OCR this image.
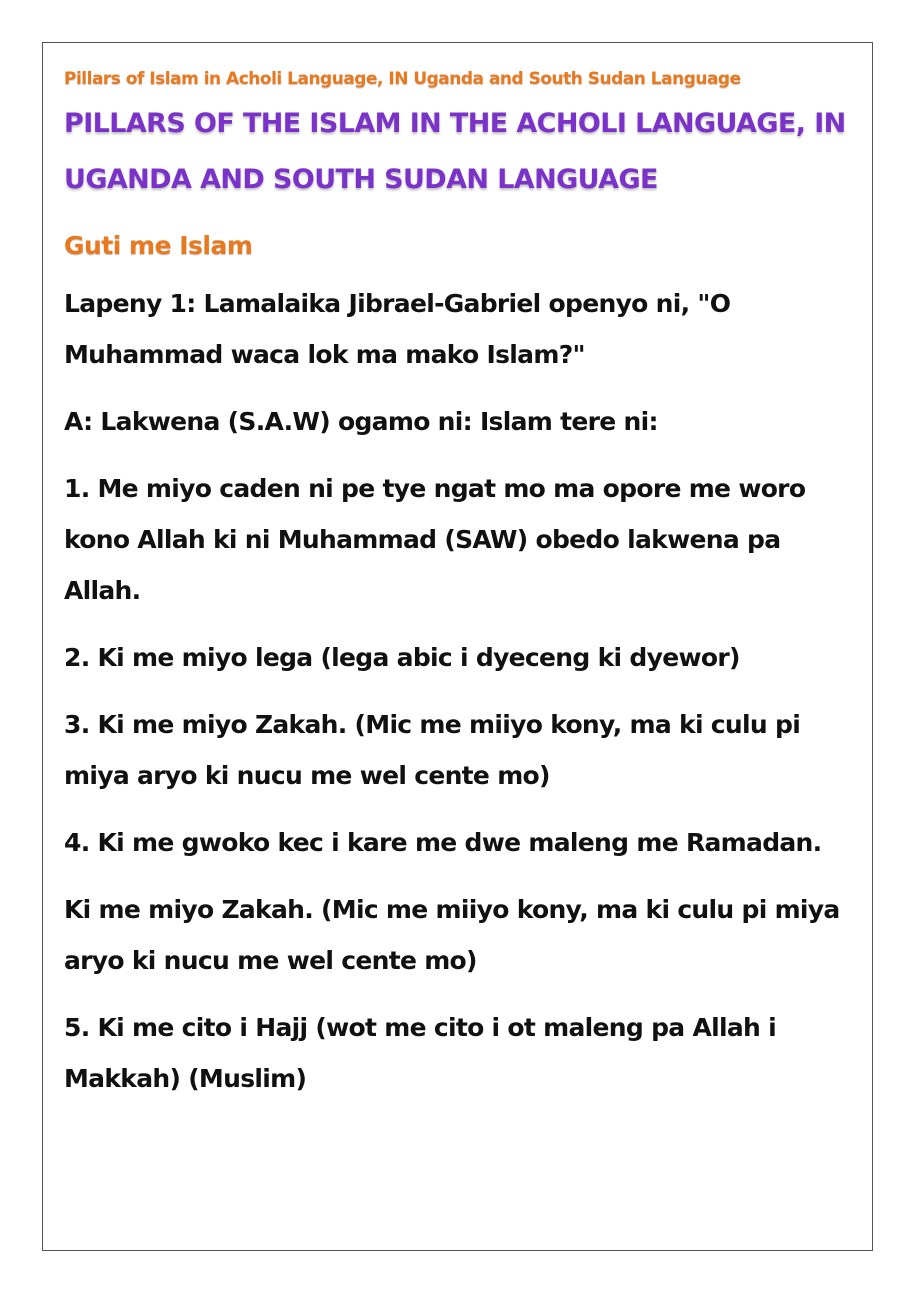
Pillars of Islam in Acholi Language, IN Uganda and South Sudan Language

PILLARS OF THE ISLAM IN THE ACHOLI LANGUAGE, IN UGANDA AND SOUTH SUDAN LANGUAGE
Guti me Islam

Lapeny 1: Lamalaika Jibrael-Gabriel openyo ni, "O Muhammad waca lok ma mako Islam?"

A: Lakwena (S.A.W) ogamo ni: Islam tere ni:

1. Me miyo caden ni pe tye ngat mo ma opore me woro kono Allah ki ni Muhammad (SAW) obedo lakwena pa Allah.

2. Ki me miyo lega (lega abic i dyeceng ki dyewor)

3. Ki me miyo Zakah. (Mic me miiyo kony, ma ki culu pi miya aryo ki nucu me wel cente mo)

4. Ki me gwoko kec i kare me dwe maleng me Ramadan.

Ki me miyo Zakah. (Mic me miiyo kony, ma ki culu pi miya aryo ki nucu me wel cente mo)

5. Ki me cito i Hajj (wot me cito i ot maleng pa Allah i Makkah) (Muslim)
